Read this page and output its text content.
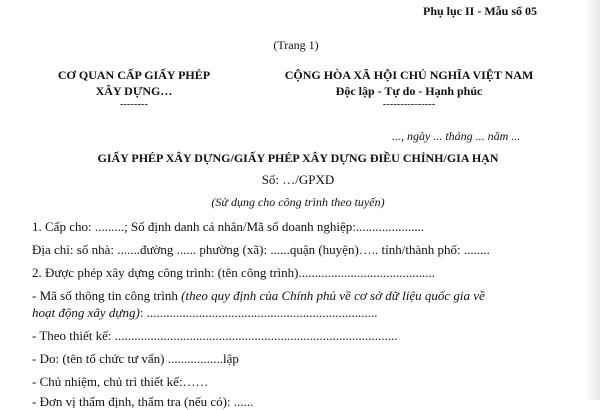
Phụ lục II - Mẫu số 05
(Trang 1)
CƠ QUAN CẤP GIẤY PHÉP
XÂY DỰNG…
--------
CỘNG HÒA XÃ HỘI CHỦ NGHĨA VIỆT NAM
Độc lập - Tự do - Hạnh phúc
---------------
..., ngày ... tháng ... năm ...
GIẤY PHÉP XÂY DỰNG/GIẤY PHÉP XÂY DỰNG ĐIỀU CHỈNH/GIA HẠN
Số: …/GPXD
(Sử dụng cho công trình theo tuyến)
1. Cấp cho: .........; Số định danh cá nhân/Mã số doanh nghiệp:.....................
Địa chỉ: số nhà: .......đường ...... phường (xã): ......quận (huyện)….. tỉnh/thành phố: ........
2. Được phép xây dựng công trình: (tên công trình)..........................................
- Mã số thông tin công trình (theo quy định của Chính phủ về cơ sở dữ liệu quốc gia về
hoạt động xây dựng): .......................................................................
- Theo thiết kế: .......................................................................................
- Do: (tên tổ chức tư vấn) .................lập
- Chủ nhiệm, chủ trì thiết kế:……
- Đơn vị thẩm định, thẩm tra (nếu có): ......
